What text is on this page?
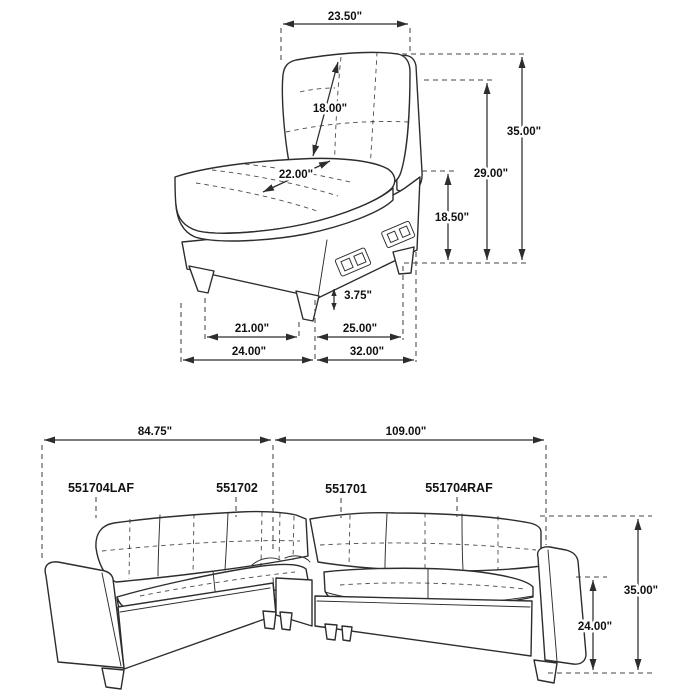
23.50"
18.00"
22.00"
35.00"
29.00"
18.50"
3.75"
21.00"	25.00"
24.00"	32.00"
84.75"	109.00"
551704LAF	551702	551701	551704RAF
35.00"
24.00"
